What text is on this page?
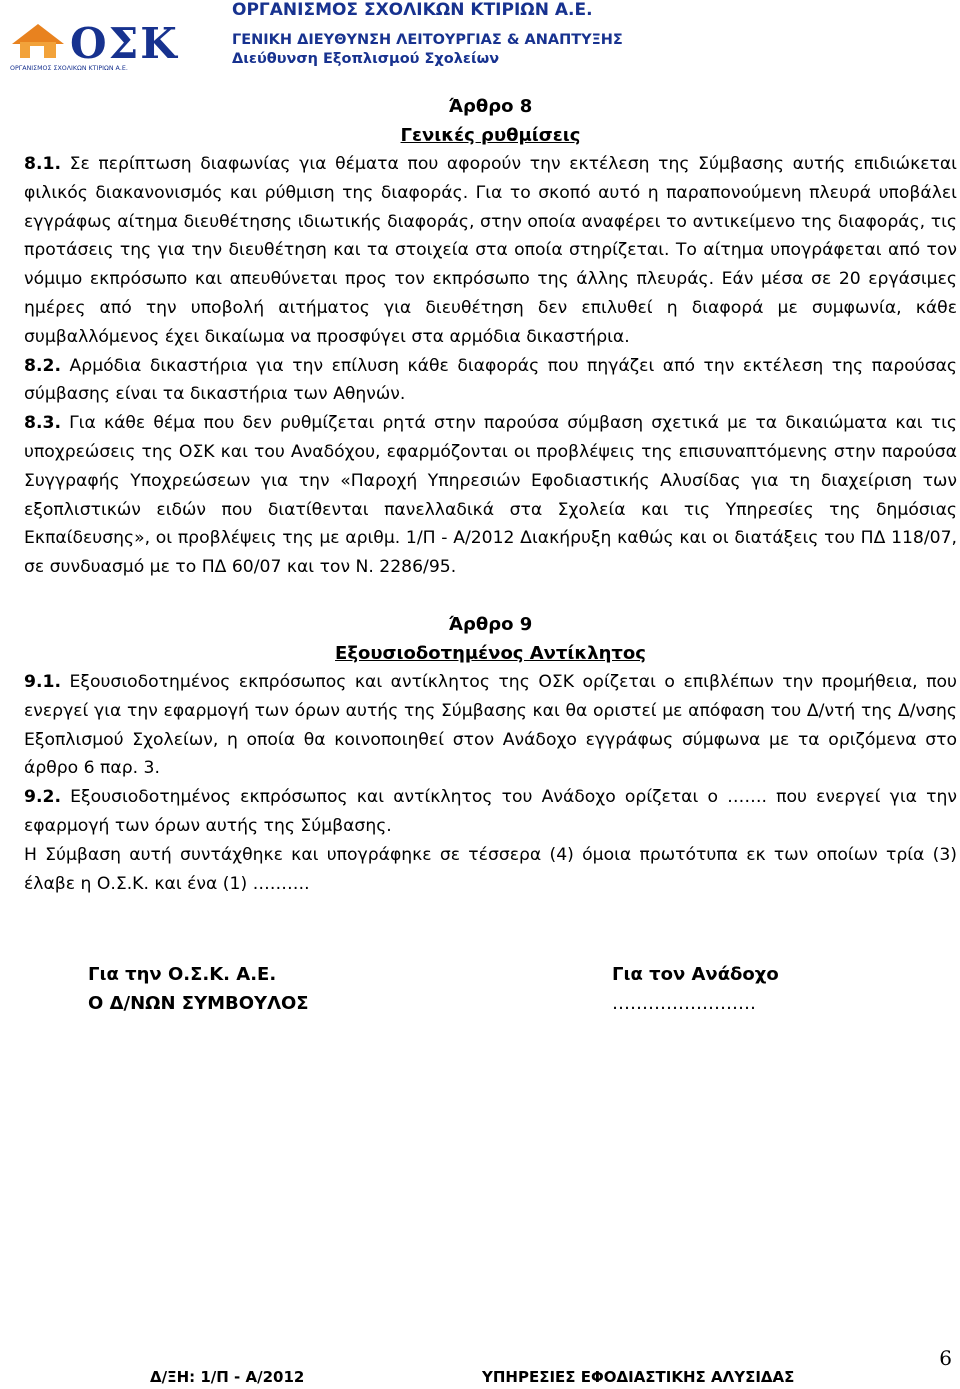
ΟΣΚ
ΟΡΓΑΝΙΣΜΟΣ ΣΧΟΛΙΚΩΝ ΚΤΙΡΙΩΝ Α.Ε.
ΟΡΓΑΝΙΣΜΟΣ ΣΧΟΛΙΚΩΝ ΚΤΙΡΙΩΝ Α.Ε.
ΓΕΝΙΚΗ ΔΙΕΥΘΥΝΣΗ ΛΕΙΤΟΥΡΓΙΑΣ & ΑΝΑΠΤΥΞΗΣ
Διεύθυνση Εξοπλισμού Σχολείων

Άρθρο 8

Γενικές ρυθμίσεις

8.1. Σε περίπτωση διαφωνίας για θέματα που αφορούν την εκτέλεση της Σύμβασης αυτής επιδιώκεται φιλικός διακανονισμός και ρύθμιση της διαφοράς. Για το σκοπό αυτό η παραπονούμενη πλευρά υποβάλει εγγράφως αίτημα διευθέτησης ιδιωτικής διαφοράς, στην οποία αναφέρει το αντικείμενο της διαφοράς, τις προτάσεις της για την διευθέτηση και τα στοιχεία στα οποία στηρίζεται. Το αίτημα υπογράφεται από τον νόμιμο εκπρόσωπο και απευθύνεται προς τον εκπρόσωπο της άλλης πλευράς. Εάν μέσα σε 20 εργάσιμες ημέρες από την υποβολή αιτήματος για διευθέτηση δεν επιλυθεί η διαφορά με συμφωνία, κάθε συμβαλλόμενος έχει δικαίωμα να προσφύγει στα αρμόδια δικαστήρια.

8.2. Αρμόδια δικαστήρια για την επίλυση κάθε διαφοράς που πηγάζει από την εκτέλεση της παρούσας σύμβασης είναι τα δικαστήρια των Αθηνών.

8.3. Για κάθε θέμα που δεν ρυθμίζεται ρητά στην παρούσα σύμβαση σχετικά με τα δικαιώματα και τις υποχρεώσεις της ΟΣΚ και του Αναδόχου, εφαρμόζονται οι προβλέψεις της επισυναπτόμενης στην παρούσα Συγγραφής Υποχρεώσεων για την «Παροχή Υπηρεσιών Εφοδιαστικής Αλυσίδας για τη διαχείριση των εξοπλιστικών ειδών που διατίθενται πανελλαδικά στα Σχολεία και τις Υπηρεσίες της δημόσιας Εκπαίδευσης», οι προβλέψεις της με αριθμ. 1/Π - Α/2012 Διακήρυξη καθώς και οι διατάξεις του ΠΔ 118/07, σε συνδυασμό με το ΠΔ 60/07 και τον Ν. 2286/95.

Άρθρο 9

Εξουσιοδοτημένος Αντίκλητος

9.1. Εξουσιοδοτημένος εκπρόσωπος και αντίκλητος της ΟΣΚ ορίζεται ο επιβλέπων την προμήθεια, που ενεργεί για την εφαρμογή των όρων αυτής της Σύμβασης και θα οριστεί με απόφαση του Δ/ντή της Δ/νσης Εξοπλισμού Σχολείων, η οποία θα κοινοποιηθεί στον Ανάδοχο εγγράφως σύμφωνα με τα οριζόμενα στο άρθρο 6 παρ. 3.

9.2. Εξουσιοδοτημένος εκπρόσωπος και αντίκλητος του Ανάδοχο ορίζεται ο ……. που ενεργεί για την εφαρμογή των όρων αυτής της Σύμβασης.

Η Σύμβαση αυτή συντάχθηκε και υπογράφηκε σε τέσσερα (4) όμοια πρωτότυπα εκ των οποίων τρία (3) έλαβε η Ο.Σ.Κ. και ένα (1) ……….

Για την Ο.Σ.Κ. Α.Ε.
Ο Δ/ΝΩΝ ΣΥΜΒΟΥΛΟΣ
Για τον Ανάδοχο
……………………
6
Δ/ΞΗ: 1/Π - Α/2012	ΥΠΗΡΕΣΙΕΣ ΕΦΟΔΙΑΣΤΙΚΗΣ ΑΛΥΣΙΔΑΣ
